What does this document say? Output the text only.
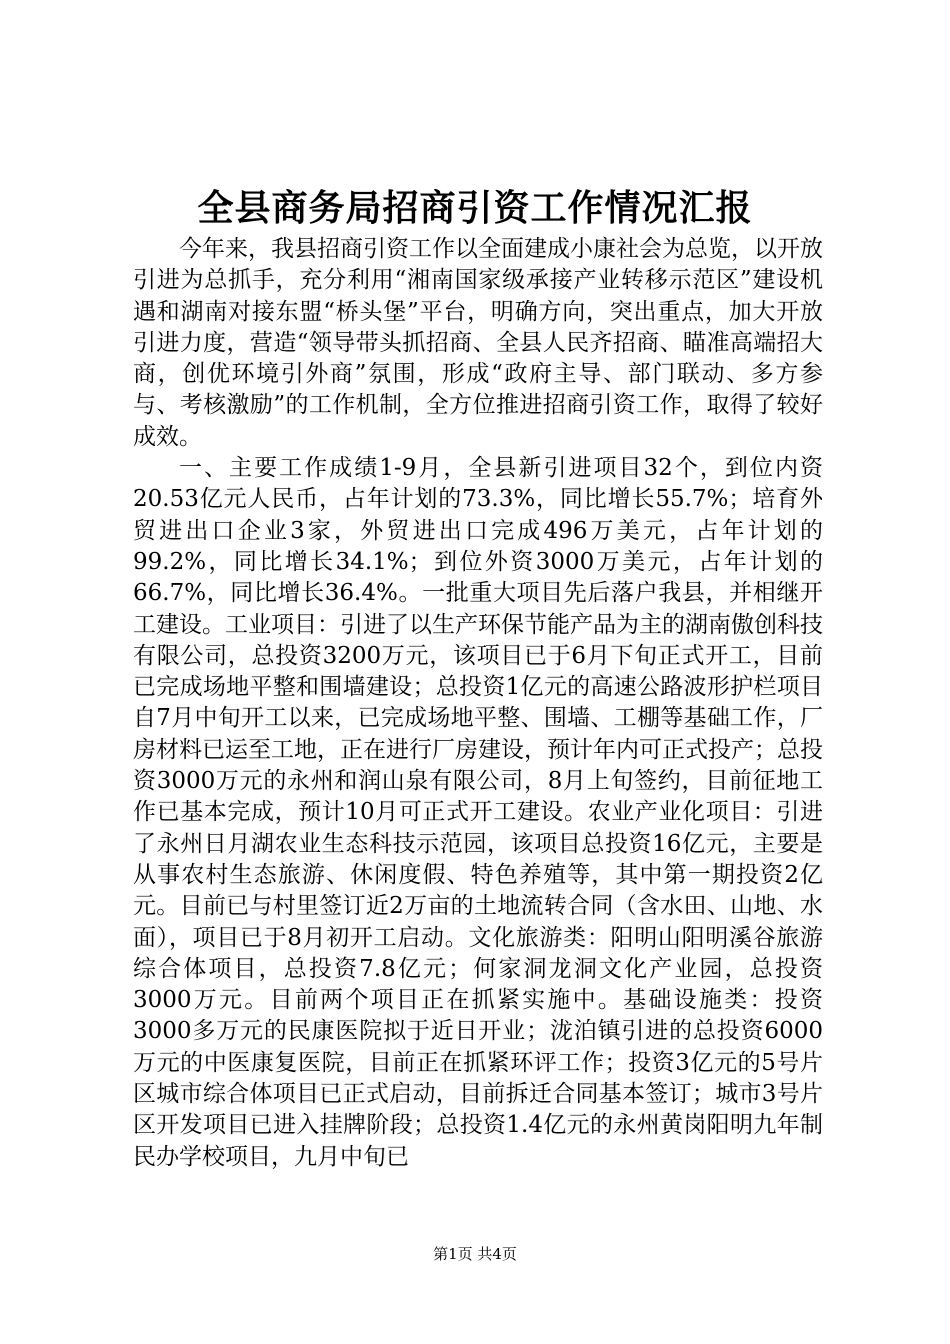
全县商务局招商引资工作情况汇报

今年来，我县招商引资工作以全面建成小康社会为总览，以开放引进为总抓手，充分利用“湘南国家级承接产业转移示范区”建设机遇和湖南对接东盟“桥头堡”平台，明确方向，突出重点，加大开放引进力度，营造“领导带头抓招商、全县人民齐招商、瞄准高端招大商，创优环境引外商”氛围，形成“政府主导、部门联动、多方参与、考核激励”的工作机制，全方位推进招商引资工作，取得了较好成效。

一、主要工作成绩1-9月，全县新引进项目32个，到位内资20.53亿元人民币，占年计划的73.3%，同比增长55.7%；培育外贸进出口企业3家，外贸进出口完成496万美元，占年计划的99.2%，同比增长34.1%；到位外资3000万美元，占年计划的66.7%，同比增长36.4%。一批重大项目先后落户我县，并相继开工建设。工业项目：引进了以生产环保节能产品为主的湖南傲创科技有限公司，总投资3200万元，该项目已于6月下旬正式开工，目前已完成场地平整和围墙建设；总投资1亿元的高速公路波形护栏项目自7月中旬开工以来，已完成场地平整、围墙、工棚等基础工作，厂房材料已运至工地，正在进行厂房建设，预计年内可正式投产；总投资3000万元的永州和润山泉有限公司，8月上旬签约，目前征地工作已基本完成，预计10月可正式开工建设。农业产业化项目：引进了永州日月湖农业生态科技示范园，该项目总投资16亿元，主要是从事农村生态旅游、休闲度假、特色养殖等，其中第一期投资2亿元。目前已与村里签订近2万亩的土地流转合同（含水田、山地、水面），项目已于8月初开工启动。文化旅游类：阳明山阳明溪谷旅游综合体项目，总投资7.8亿元；何家洞龙洞文化产业园，总投资3000万元。目前两个项目正在抓紧实施中。基础设施类：投资3000多万元的民康医院拟于近日开业；泷泊镇引进的总投资6000万元的中医康复医院，目前正在抓紧环评工作；投资3亿元的5号片区城市综合体项目已正式启动，目前拆迁合同基本签订；城市3号片区开发项目已进入挂牌阶段；总投资1.4亿元的永州黄岗阳明九年制民办学校项目，九月中旬已

第1页 共4页
